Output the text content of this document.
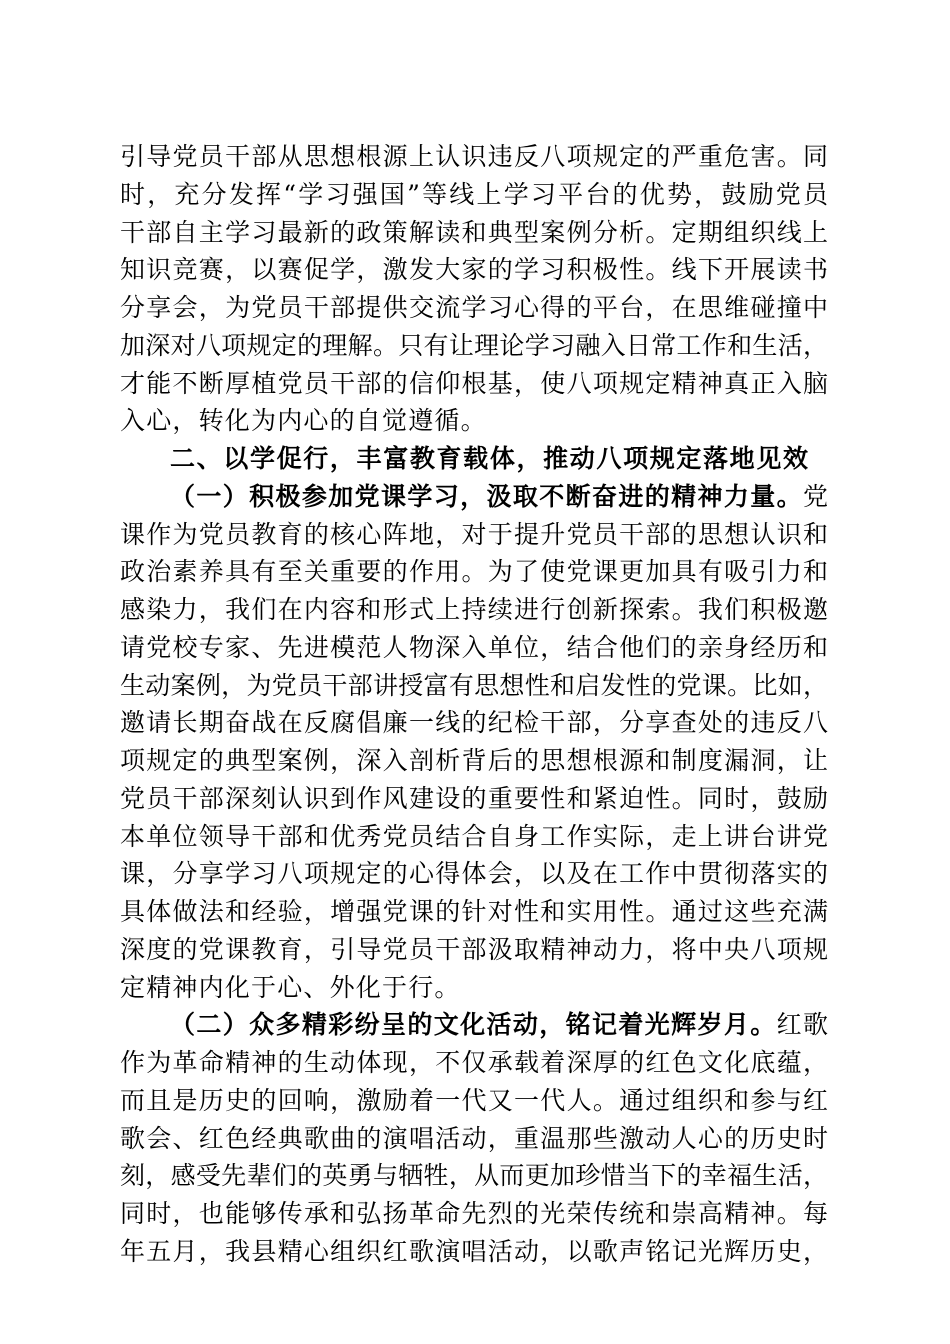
引导党员干部从思想根源上认识违反八项规定的严重危害。同
时，充分发挥“学习强国”等线上学习平台的优势，鼓励党员
干部自主学习最新的政策解读和典型案例分析。定期组织线上
知识竞赛，以赛促学，激发大家的学习积极性。线下开展读书
分享会，为党员干部提供交流学习心得的平台，在思维碰撞中
加深对八项规定的理解。只有让理论学习融入日常工作和生活，
才能不断厚植党员干部的信仰根基，使八项规定精神真正入脑
入心，转化为内心的自觉遵循。
二、以学促行，丰富教育载体，推动八项规定落地见效
（一）积极参加党课学习，汲取不断奋进的精神力量。党
课作为党员教育的核心阵地，对于提升党员干部的思想认识和
政治素养具有至关重要的作用。为了使党课更加具有吸引力和
感染力，我们在内容和形式上持续进行创新探索。我们积极邀
请党校专家、先进模范人物深入单位，结合他们的亲身经历和
生动案例，为党员干部讲授富有思想性和启发性的党课。比如，
邀请长期奋战在反腐倡廉一线的纪检干部，分享查处的违反八
项规定的典型案例，深入剖析背后的思想根源和制度漏洞，让
党员干部深刻认识到作风建设的重要性和紧迫性。同时，鼓励
本单位领导干部和优秀党员结合自身工作实际，走上讲台讲党
课，分享学习八项规定的心得体会，以及在工作中贯彻落实的
具体做法和经验，增强党课的针对性和实用性。通过这些充满
深度的党课教育，引导党员干部汲取精神动力，将中央八项规
定精神内化于心、外化于行。
（二）众多精彩纷呈的文化活动，铭记着光辉岁月。红歌
作为革命精神的生动体现，不仅承载着深厚的红色文化底蕴，
而且是历史的回响，激励着一代又一代人。通过组织和参与红
歌会、红色经典歌曲的演唱活动，重温那些激动人心的历史时
刻，感受先辈们的英勇与牺牲，从而更加珍惜当下的幸福生活，
同时，也能够传承和弘扬革命先烈的光荣传统和崇高精神。每
年五月，我县精心组织红歌演唱活动，以歌声铭记光辉历史，
